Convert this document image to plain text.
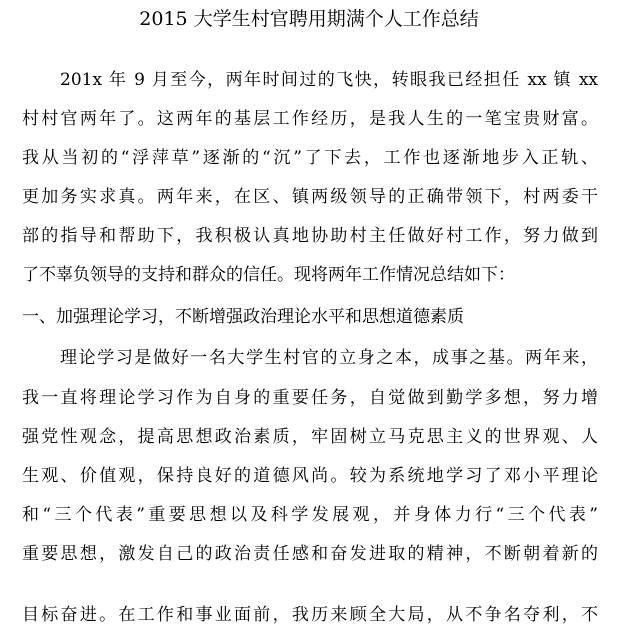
2015 大学生村官聘用期满个人工作总结
201x 年 9 月至今，两年时间过的飞快，转眼我已经担任 xx 镇 xx
村村官两年了。这两年的基层工作经历，是我人生的一笔宝贵财富。
我从当初的“浮萍草”逐渐的“沉”了下去，工作也逐渐地步入正轨、
更加务实求真。两年来，在区、镇两级领导的正确带领下，村两委干
部的指导和帮助下，我积极认真地协助村主任做好村工作，努力做到
了不辜负领导的支持和群众的信任。现将两年工作情况总结如下：
一、加强理论学习，不断增强政治理论水平和思想道德素质
理论学习是做好一名大学生村官的立身之本，成事之基。两年来，
我一直将理论学习作为自身的重要任务，自觉做到勤学多想，努力增
强党性观念，提高思想政治素质，牢固树立马克思主义的世界观、人
生观、价值观，保持良好的道德风尚。较为系统地学习了邓小平理论
和“三个代表”重要思想以及科学发展观，并身体力行“三个代表”
重要思想，激发自己的政治责任感和奋发进取的精神，不断朝着新的
目标奋进。在工作和事业面前，我历来顾全大局，从不争名夺利，不
